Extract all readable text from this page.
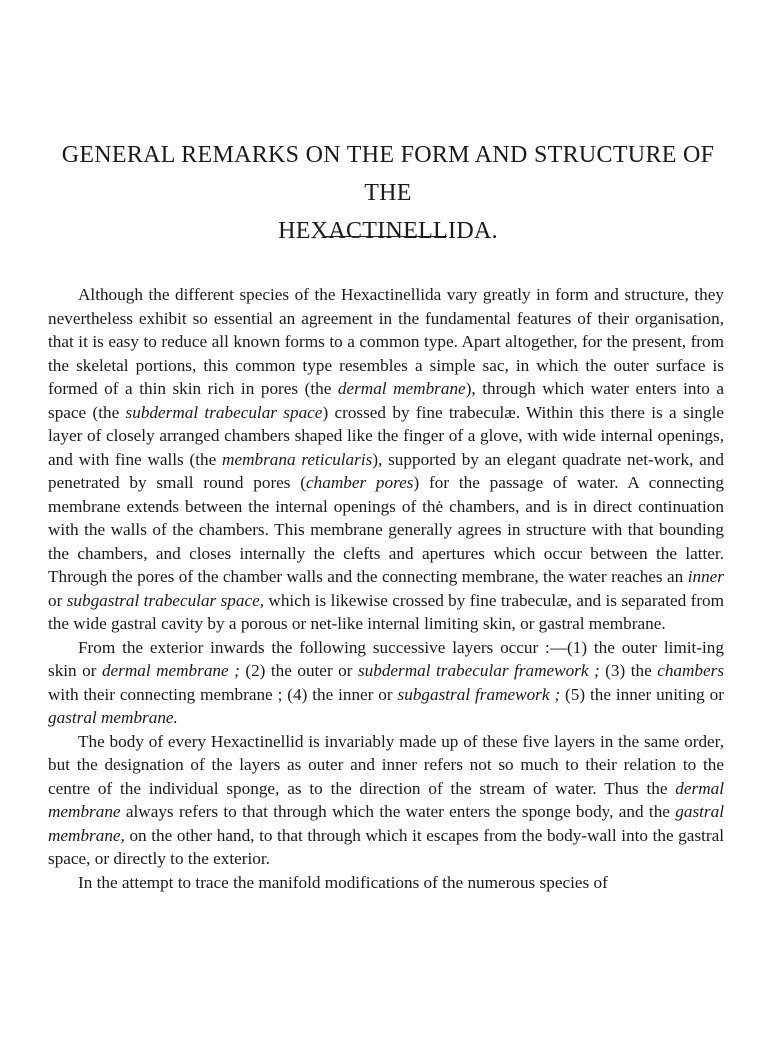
GENERAL REMARKS ON THE FORM AND STRUCTURE OF THE
HEXACTINELLIDA.

Although the different species of the Hexactinellida vary greatly in form and structure, they nevertheless exhibit so essential an agreement in the fundamental features of their organisation, that it is easy to reduce all known forms to a common type. Apart altogether, for the present, from the skeletal portions, this common type resembles a simple sac, in which the outer surface is formed of a thin skin rich in pores (the dermal membrane), through which water enters into a space (the subdermal trabecular space) crossed by fine trabeculæ. Within this there is a single layer of closely arranged chambers shaped like the finger of a glove, with wide internal openings, and with fine walls (the membrana reticularis), supported by an elegant quadrate net-work, and penetrated by small round pores (chamber pores) for the passage of water. A connecting membrane extends between the internal openings of thė chambers, and is in direct continuation with the walls of the chambers. This membrane generally agrees in structure with that bounding the chambers, and closes internally the clefts and apertures which occur between the latter. Through the pores of the chamber walls and the connecting membrane, the water reaches an inner or subgastral trabecular space, which is likewise crossed by fine trabeculæ, and is separated from the wide gastral cavity by a porous or net-like internal limiting skin, or gastral membrane.

From the exterior inwards the following successive layers occur :—(1) the outer limit-ing skin or dermal membrane ; (2) the outer or subdermal trabecular framework ; (3) the chambers with their connecting membrane ; (4) the inner or subgastral framework ; (5) the inner uniting or gastral membrane.

The body of every Hexactinellid is invariably made up of these five layers in the same order, but the designation of the layers as outer and inner refers not so much to their relation to the centre of the individual sponge, as to the direction of the stream of water. Thus the dermal membrane always refers to that through which the water enters the sponge body, and the gastral membrane, on the other hand, to that through which it escapes from the body-wall into the gastral space, or directly to the exterior.

In the attempt to trace the manifold modifications of the numerous species of
